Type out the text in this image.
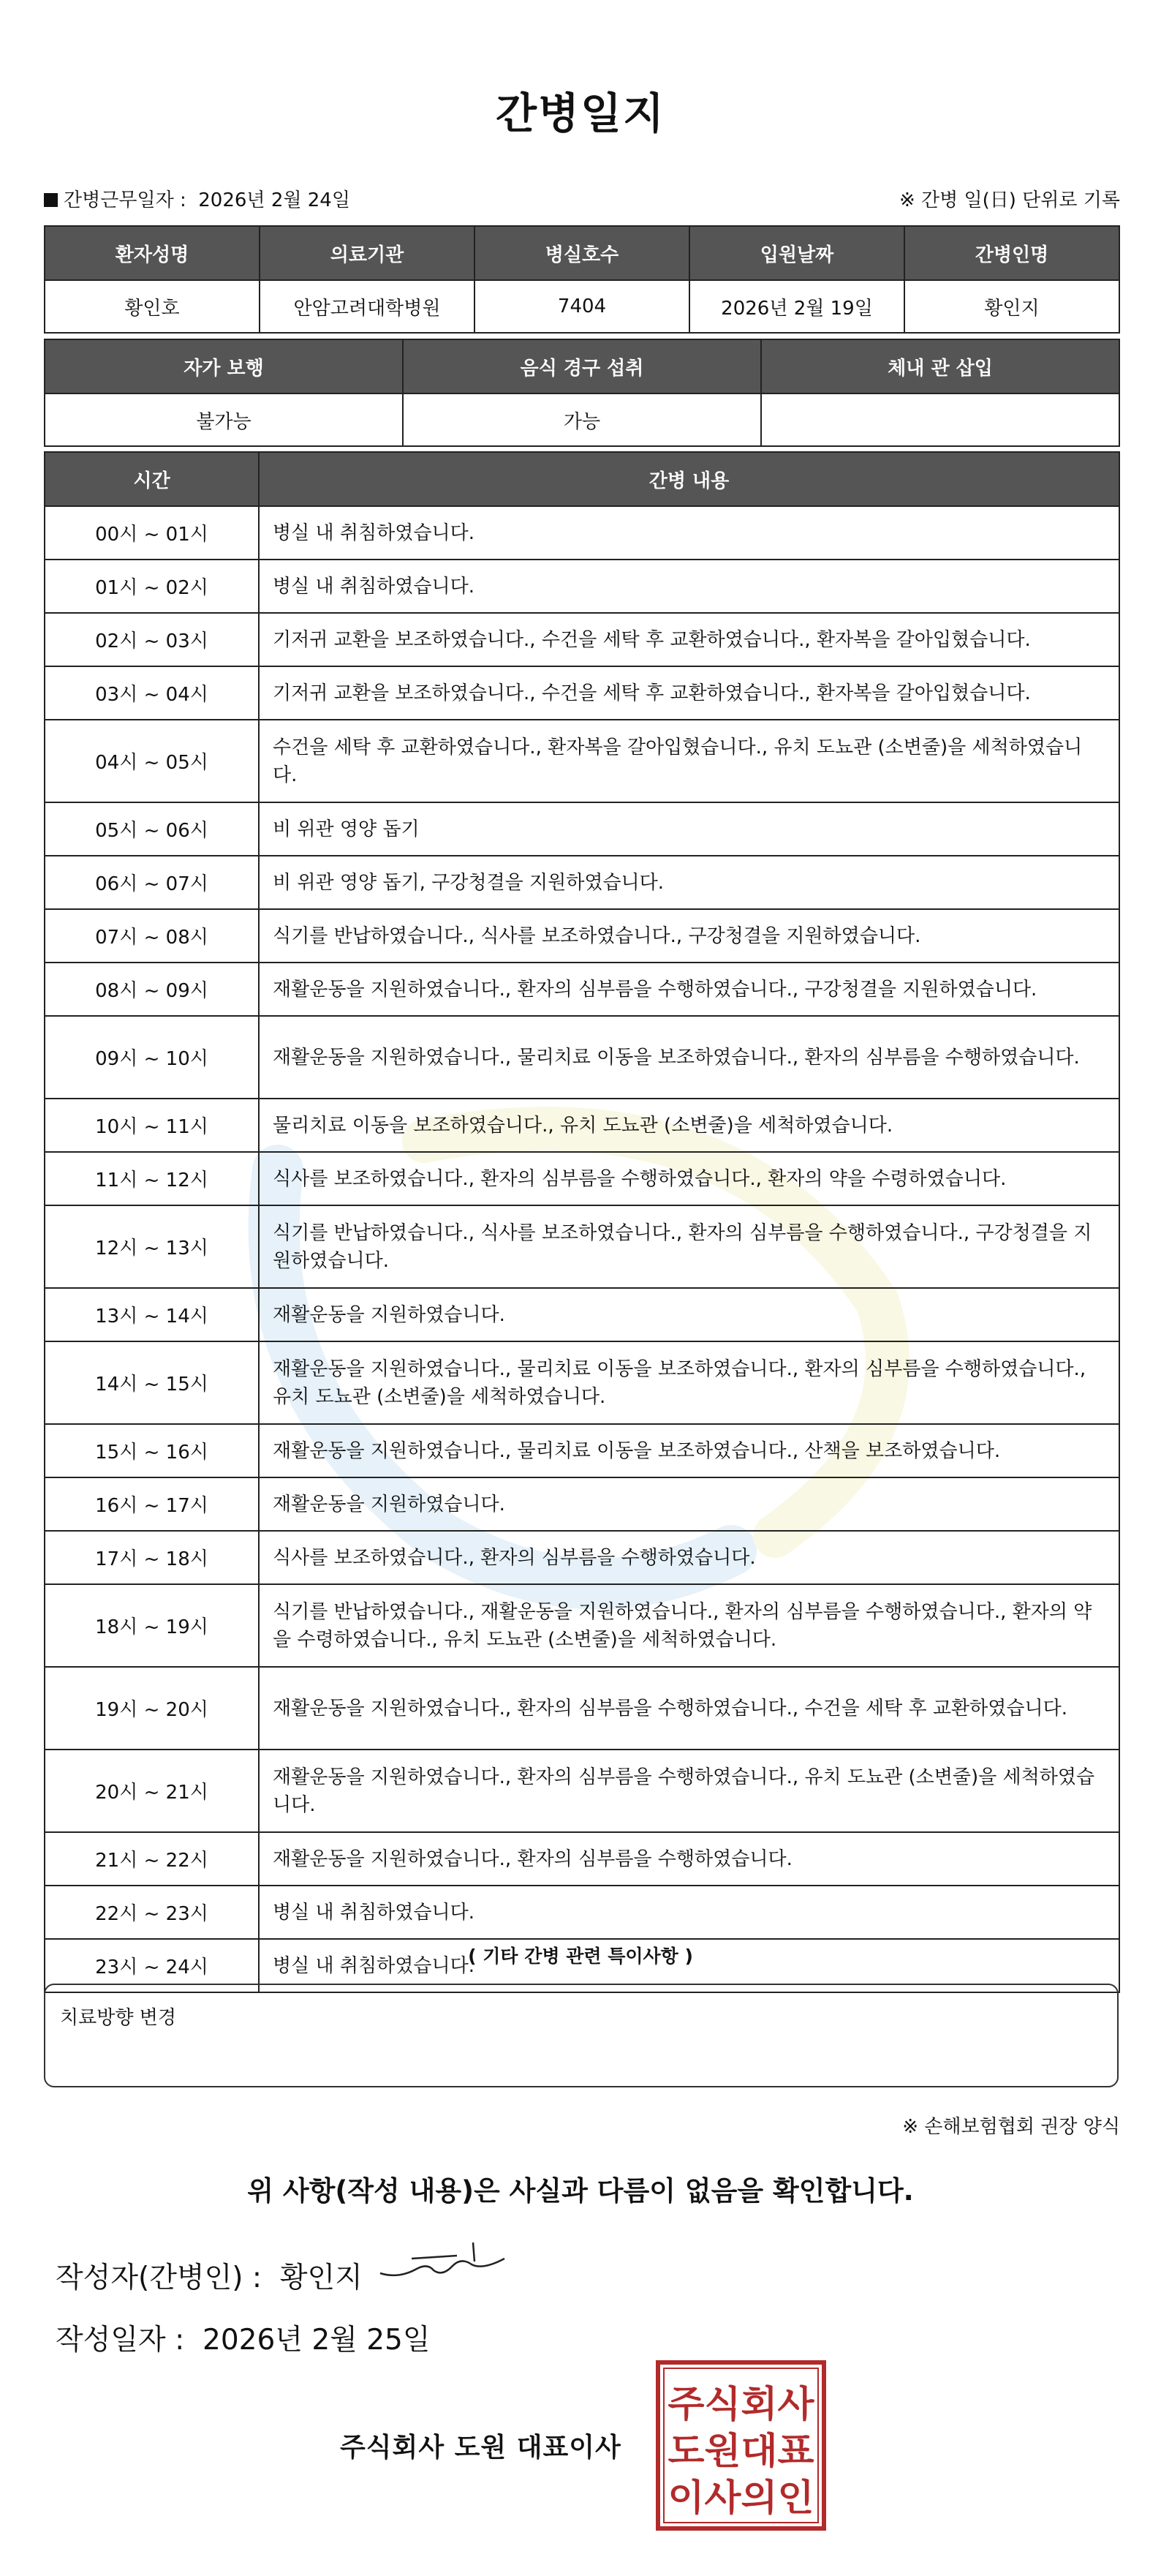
간병일지
간병근무일자 : 2026년 2월 24일	※ 간병 일(日) 단위로 기록
환자성명	의료기관	병실호수	입원날짜	간병인명
황인호	안암고려대학병원	7404	2026년 2월 19일	황인지
자가 보행	음식 경구 섭취	체내 관 삽입
불가능	가능	
시간	간병 내용
00시 ~ 01시	병실 내 취침하였습니다.
01시 ~ 02시	병실 내 취침하였습니다.
02시 ~ 03시	기저귀 교환을 보조하였습니다., 수건을 세탁 후 교환하였습니다., 환자복을 갈아입혔습니다.
03시 ~ 04시	기저귀 교환을 보조하였습니다., 수건을 세탁 후 교환하였습니다., 환자복을 갈아입혔습니다.
04시 ~ 05시	수건을 세탁 후 교환하였습니다., 환자복을 갈아입혔습니다., 유치 도뇨관 (소변줄)을 세척하였습니다.
05시 ~ 06시	비 위관 영양 돕기
06시 ~ 07시	비 위관 영양 돕기, 구강청결을 지원하였습니다.
07시 ~ 08시	식기를 반납하였습니다., 식사를 보조하였습니다., 구강청결을 지원하였습니다.
08시 ~ 09시	재활운동을 지원하였습니다., 환자의 심부름을 수행하였습니다., 구강청결을 지원하였습니다.
09시 ~ 10시	재활운동을 지원하였습니다., 물리치료 이동을 보조하였습니다., 환자의 심부름을 수행하였습니다.
10시 ~ 11시	물리치료 이동을 보조하였습니다., 유치 도뇨관 (소변줄)을 세척하였습니다.
11시 ~ 12시	식사를 보조하였습니다., 환자의 심부름을 수행하였습니다., 환자의 약을 수령하였습니다.
12시 ~ 13시	식기를 반납하였습니다., 식사를 보조하였습니다., 환자의 심부름을 수행하였습니다., 구강청결을 지원하였습니다.
13시 ~ 14시	재활운동을 지원하였습니다.
14시 ~ 15시	재활운동을 지원하였습니다., 물리치료 이동을 보조하였습니다., 환자의 심부름을 수행하였습니다., 유치 도뇨관 (소변줄)을 세척하였습니다.
15시 ~ 16시	재활운동을 지원하였습니다., 물리치료 이동을 보조하였습니다., 산책을 보조하였습니다.
16시 ~ 17시	재활운동을 지원하였습니다.
17시 ~ 18시	식사를 보조하였습니다., 환자의 심부름을 수행하였습니다.
18시 ~ 19시	식기를 반납하였습니다., 재활운동을 지원하였습니다., 환자의 심부름을 수행하였습니다., 환자의 약을 수령하였습니다., 유치 도뇨관 (소변줄)을 세척하였습니다.
19시 ~ 20시	재활운동을 지원하였습니다., 환자의 심부름을 수행하였습니다., 수건을 세탁 후 교환하였습니다.
20시 ~ 21시	재활운동을 지원하였습니다., 환자의 심부름을 수행하였습니다., 유치 도뇨관 (소변줄)을 세척하였습니다.
21시 ~ 22시	재활운동을 지원하였습니다., 환자의 심부름을 수행하였습니다.
22시 ~ 23시	병실 내 취침하였습니다.
23시 ~ 24시	병실 내 취침하였습니다.
( 기타 간병 관련 특이사항 )
치료방향 변경
※ 손해보험협회 권장 양식
위 사항(작성 내용)은 사실과 다름이 없음을 확인합니다.
작성자(간병인) : 황인지
작성일자 : 2026년 2월 25일
주식회사 도원 대표이사
주식회사
도원대표
이사의인
